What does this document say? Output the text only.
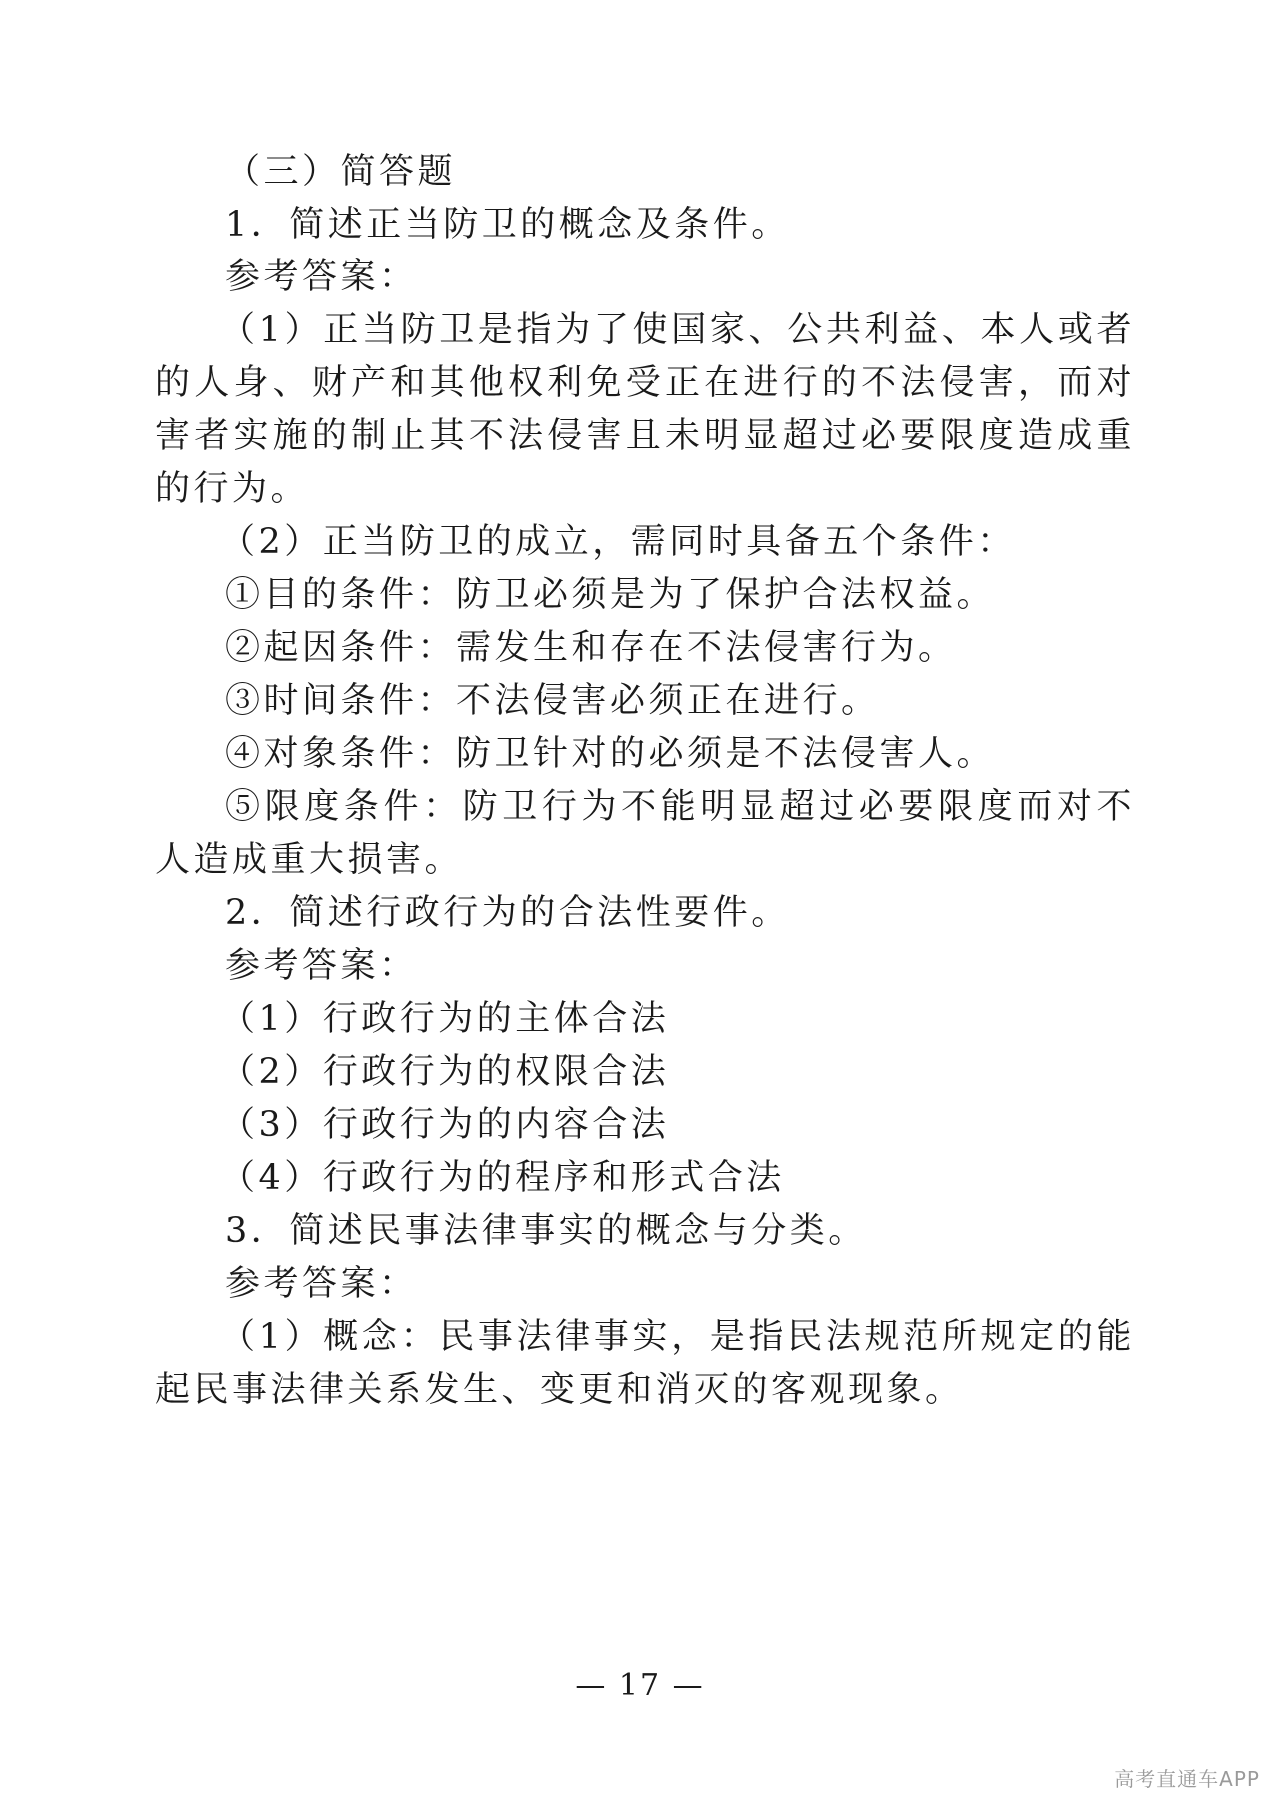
（三）简答题
1．简述正当防卫的概念及条件。
参考答案：
（1）正当防卫是指为了使国家、公共利益、本人或者
的人身、财产和其他权利免受正在进行的不法侵害，而对
害者实施的制止其不法侵害且未明显超过必要限度造成重
的行为。
（2）正当防卫的成立，需同时具备五个条件：
①目的条件：防卫必须是为了保护合法权益。
②起因条件：需发生和存在不法侵害行为。
③时间条件：不法侵害必须正在进行。
④对象条件：防卫针对的必须是不法侵害人。
⑤限度条件：防卫行为不能明显超过必要限度而对不
人造成重大损害。
2．简述行政行为的合法性要件。
参考答案：
（1）行政行为的主体合法
（2）行政行为的权限合法
（3）行政行为的内容合法
（4）行政行为的程序和形式合法
3．简述民事法律事实的概念与分类。
参考答案：
（1）概念：民事法律事实，是指民法规范所规定的能
起民事法律关系发生、变更和消灭的客观现象。
— 17 —
高考直通车APP
